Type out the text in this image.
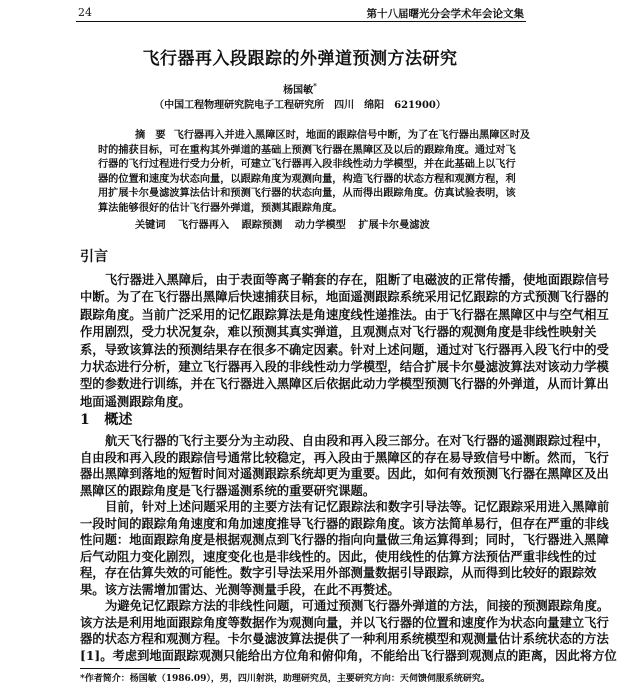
24	第十八届曙光分会学术年会论文集
飞行器再入段跟踪的外弹道预测方法研究
杨国敏*
（中国工程物理研究院电子工程研究所　四川　绵阳　621900）
摘　要 飞行器再入并进入黑障区时，地面的跟踪信号中断，为了在飞行器出黑障区时及
时的捕获目标，可在重构其外弹道的基础上预测飞行器在黑障区及以后的跟踪角度。通过对飞
行器的飞行过程进行受力分析，可建立飞行器再入段非线性动力学模型，并在此基础上以飞行
器的位置和速度为状态向量，以跟踪角度为观测向量，构造飞行器的状态方程和观测方程，利
用扩展卡尔曼滤波算法估计和预测飞行器的状态向量，从而得出跟踪角度。仿真试验表明，该
算法能够很好的估计飞行器外弹道，预测其跟踪角度。
关键词 飞行器再入 跟踪预测 动力学模型 扩展卡尔曼滤波
引言
飞行器进入黑障后，由于表面等离子鞘套的存在，阻断了电磁波的正常传播，使地面跟踪信号
中断。为了在飞行器出黑障后快速捕获目标，地面遥测跟踪系统采用记忆跟踪的方式预测飞行器的
跟踪角度。当前广泛采用的记忆跟踪算法是角速度线性递推法。由于飞行器在黑障区中与空气相互
作用剧烈，受力状况复杂，难以预测其真实弹道，且观测点对飞行器的观测角度是非线性映射关
系，导致该算法的预测结果存在很多不确定因素。针对上述问题，通过对飞行器再入段飞行中的受
力状态进行分析，建立飞行器再入段的非线性动力学模型，结合扩展卡尔曼滤波算法对该动力学模
型的参数进行训练，并在飞行器进入黑障区后依据此动力学模型预测飞行器的外弹道，从而计算出
地面遥测跟踪角度。
1 概述
航天飞行器的飞行主要分为主动段、自由段和再入段三部分。在对飞行器的遥测跟踪过程中，
自由段和再入段的跟踪信号通常比较稳定，再入段由于黑障区的存在易导致信号中断。然而，飞行
器出黑障到落地的短暂时间对遥测跟踪系统却更为重要。因此，如何有效预测飞行器在黑障区及出
黑障区的跟踪角度是飞行器遥测系统的重要研究课题。
目前，针对上述问题采用的主要方法有记忆跟踪法和数字引导法等。记忆跟踪采用进入黑障前
一段时间的跟踪角角速度和角加速度推导飞行器的跟踪角度。该方法简单易行，但存在严重的非线
性问题：地面跟踪角度是根据观测点到飞行器的指向向量做三角运算得到；同时，飞行器进入黑障
后气动阻力变化剧烈，速度变化也是非线性的。因此，使用线性的估算方法预估严重非线性的过
程，存在估算失效的可能性。数字引导法采用外部测量数据引导跟踪，从而得到比较好的跟踪效
果。该方法需增加雷达、光测等测量手段，在此不再赘述。
为避免记忆跟踪方法的非线性问题，可通过预测飞行器外弹道的方法，间接的预测跟踪角度。
该方法是利用地面跟踪角度等数据作为观测向量，并以飞行器的位置和速度作为状态向量建立飞行
器的状态方程和观测方程。卡尔曼滤波算法提供了一种利用系统模型和观测量估计系统状态的方法
[1]。考虑到地面跟踪观测只能给出方位角和俯仰角，不能给出飞行器到观测点的距离，因此将方位
*作者简介：杨国敏（1986.09），男，四川射洪，助理研究员，主要研究方向：天伺馈伺服系统研究。
